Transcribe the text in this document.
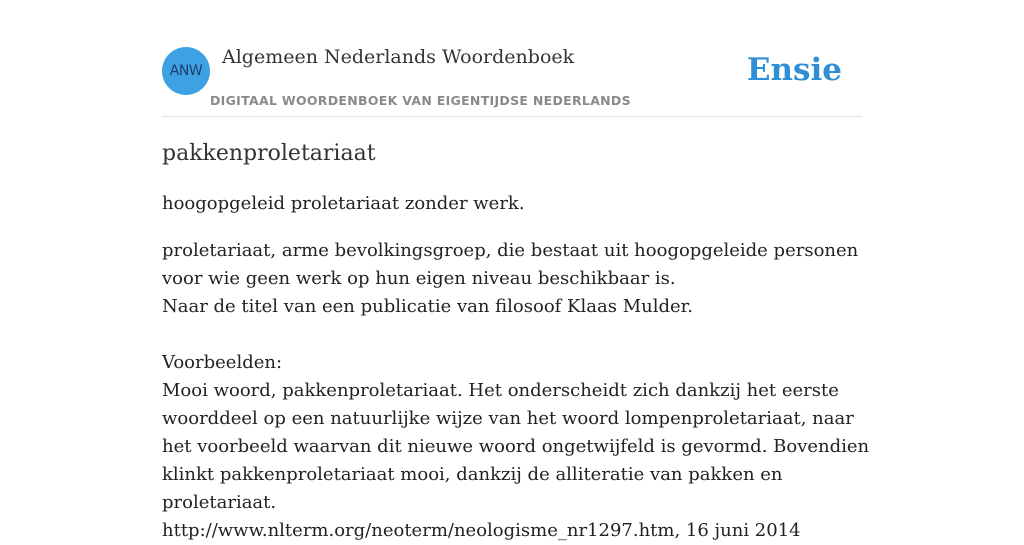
ANW
Algemeen Nederlands Woordenboek
DIGITAAL WOORDENBOEK VAN EIGENTIJDSE NEDERLANDS
Ensie
pakkenproletariaat

hoogopgeleid proletariaat zonder werk.

proletariaat, arme bevolkingsgroep, die bestaat uit hoogopgeleide personen voor wie geen werk op hun eigen niveau beschikbaar is.
Naar de titel van een publicatie van filosoof Klaas Mulder.

Voorbeelden:
Mooi woord, pakkenproletariaat. Het onderscheidt zich dankzij het eerste woorddeel op een natuurlijke wijze van het woord lompenproletariaat, naar het voorbeeld waarvan dit nieuwe woord ongetwijfeld is gevormd. Bovendien klinkt pakkenproletariaat mooi, dankzij de alliteratie van pakken en proletariaat.
http://www.nlterm.org/neoterm/neologisme_nr1297.htm, 16 juni 2014
